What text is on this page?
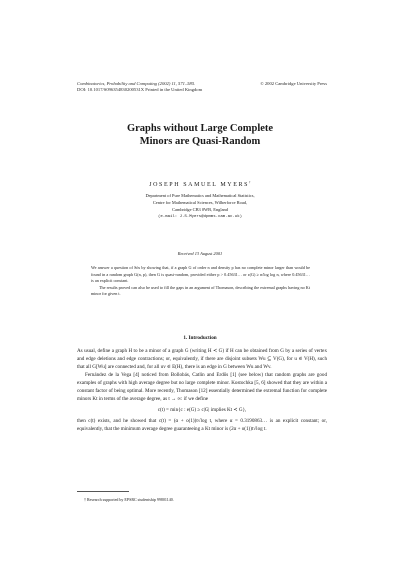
Combinatorics, Probability and Computing (2002) 11, 571–585.	© 2002 Cambridge University Press
DOI: 10.1017/S096354830200531X Printed in the United Kingdom
Graphs without Large Complete
Minors are Quasi-Random
JOSEPH SAMUEL MYERS†
Department of Pure Mathematics and Mathematical Statistics,
Centre for Mathematical Sciences, Wilberforce Road,
Cambridge CB3 0WB, England
(e-mail: J.S.Myers@dpmms.cam.ac.uk)
Received 13 August 2001

We answer a question of Sós by showing that, if a graph G of order n and density p has no complete minor larger than would be found in a random graph G(n, p), then G is quasi-random, provided either p > 0.45631… or ε(G) ≥ n/log log n, where 0.45631… is an explicit constant.

The results proved can also be used to fill the gaps in an argument of Thomason, describing the extremal graphs having no Kt minor for given t.

1. Introduction

As usual, define a graph H to be a minor of a graph G (writing H ≺ G) if H can be obtained from G by a series of vertex and edge deletions and edge contractions; or, equivalently, if there are disjoint subsets Wu ⊆ V(G), for u ∈ V(H), such that all G[Wu] are connected and, for all uv ∈ E(H), there is an edge in G between Wu and Wv.

Fernández de la Vega [4] noticed from Bollobás, Catlin and Erdős [1] (see below) that random graphs are good examples of graphs with high average degree but no large complete minor. Kostochka [5, 6] showed that they are within a constant factor of being optimal. More recently, Thomason [12] essentially determined the extremal function for complete minors Kt in terms of the average degree, as t → ∞: if we define

c(t) = min{c : e(G) ≥ c|G| implies Kt ≺ G},

then c(t) exists, and he showed that c(t) = (α + o(1))t√log t, where α = 0.3190863… is an explicit constant; or, equivalently, that the minimum average degree guaranteeing a Kt minor is (2α + o(1))t√log t.

† Research supported by EPSRC studentship 99801140.
